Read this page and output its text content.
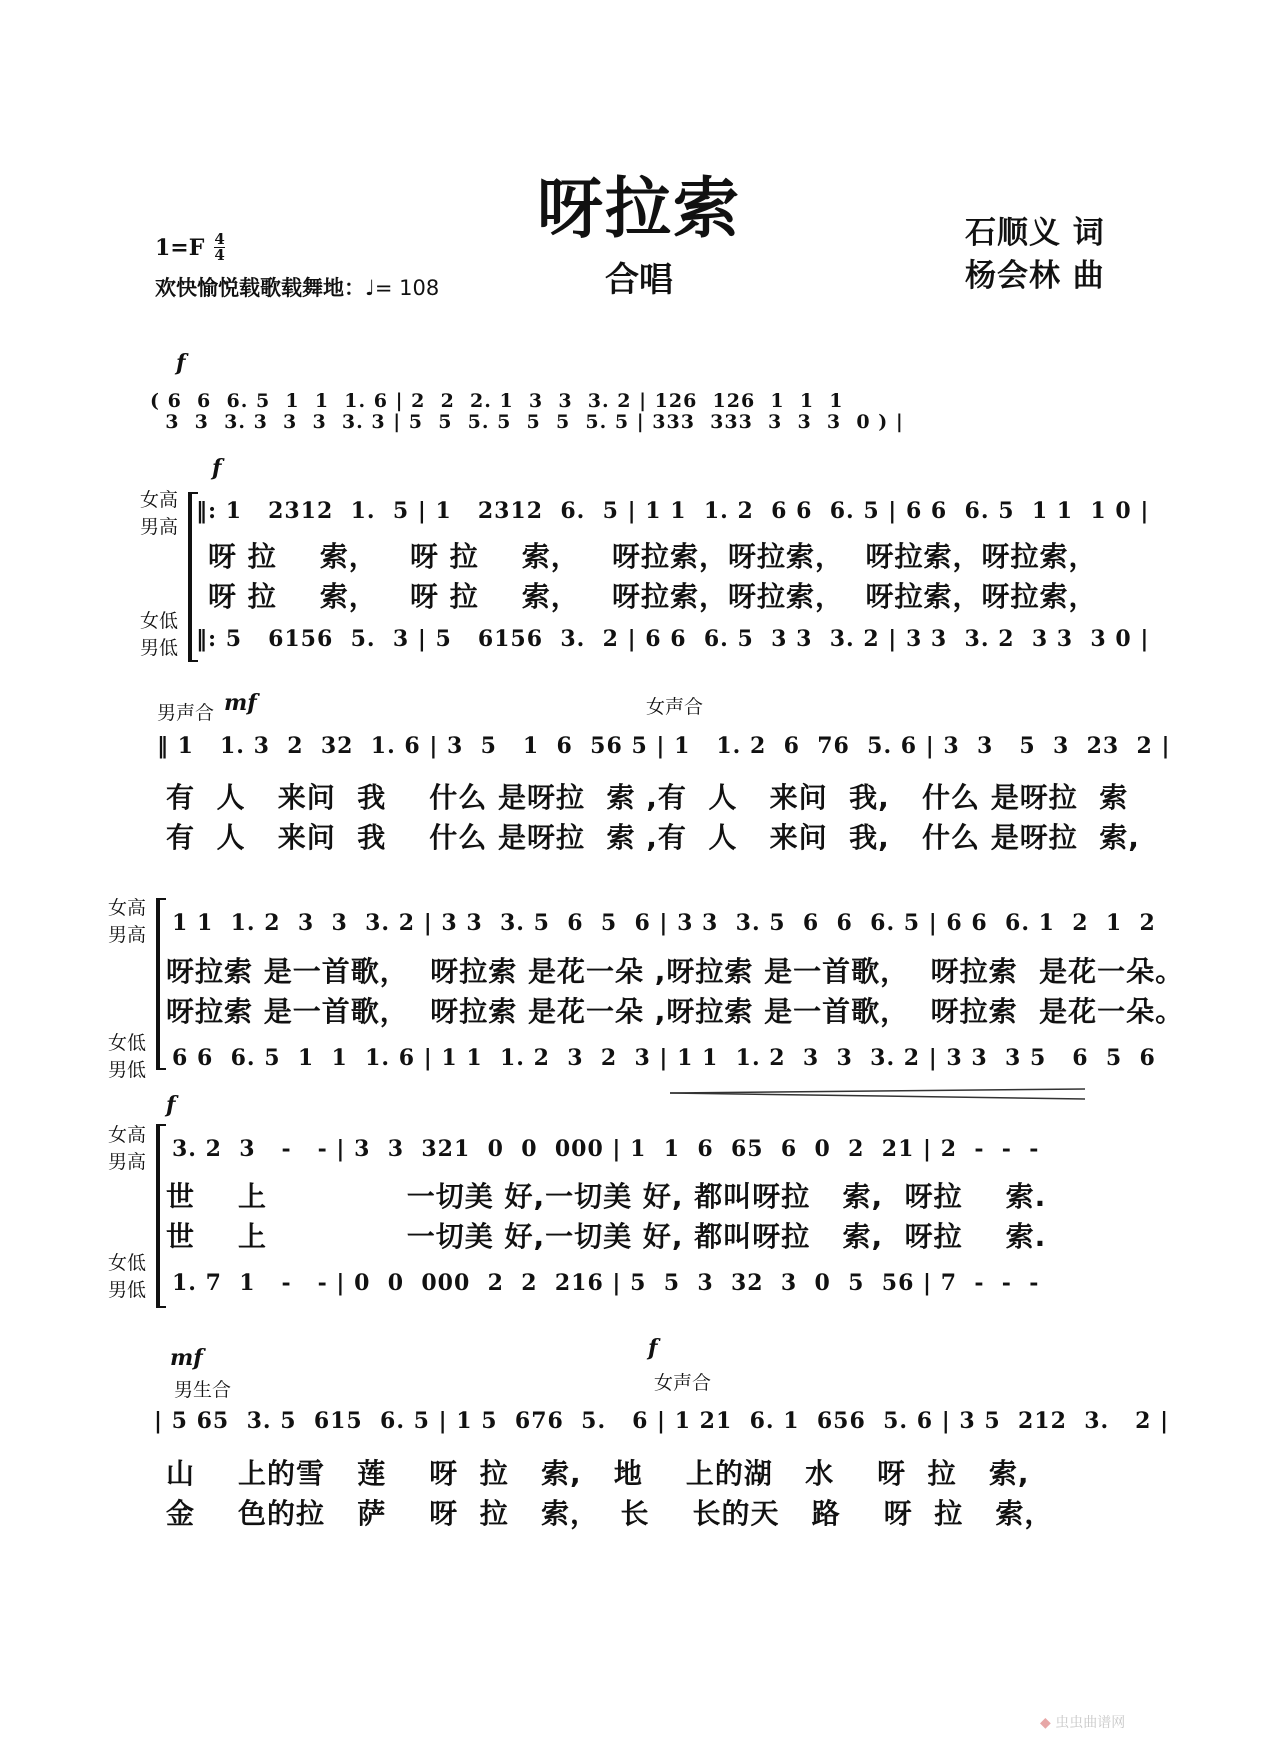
呀拉索
合唱
石顺义 词
杨会林 曲
$1=F \frac{4}{4}$
欢快愉悦载歌载舞地：♩= 108
f
( 6  6  6. 5  1  1  1. 6 | 2  2  2. 1  3  3  3. 2 | 126  126  1  1  1
3  3  3. 3  3  3  3. 3 | 5  5  5. 5  5  5  5. 5 | 333  333  3  3  3  0 ) |
f
女高
男高
女低
男低
‖: 1   2312  1.  5 | 1   2312  6.  5 | 1 1  1. 2  6 6  6. 5 | 6 6  6. 5  1 1  1 0 |
呀 拉    索，   呀 拉    索，   呀拉索，呀拉索，  呀拉索，呀拉索，
呀 拉    索，   呀 拉    索，   呀拉索，呀拉索，  呀拉索，呀拉索，
‖: 5   6156  5.  3 | 5   6156  3.  2 | 6 6  6. 5  3 3  3. 2 | 3 3  3. 2  3 3  3 0 |
男声合 mf	女声合
‖ 1   1. 3  2  32  1. 6 | 3  5   1  6  56 5 | 1   1. 2  6  76  5. 6 | 3  3   5  3  23  2 |
有  人   来问  我    什么 是呀拉  索 ,有  人   来问  我,   什么 是呀拉  索
有  人   来问  我    什么 是呀拉  索 ,有  人   来问  我,   什么 是呀拉  索,
女高
男高
女低
男低
1 1  1. 2  3  3  3. 2 | 3 3  3. 5  6  5  6 | 3 3  3. 5  6  6  6. 5 | 6 6  6. 1  2  1  2
呀拉索 是一首歌，  呀拉索 是花一朵 ,呀拉索 是一首歌，  呀拉索  是花一朵。
呀拉索 是一首歌，  呀拉索 是花一朵 ,呀拉索 是一首歌，  呀拉索  是花一朵。
6 6  6. 5  1  1  1. 6 | 1 1  1. 2  3  2  3 | 1 1  1. 2  3  3  3. 2 | 3 3  3 5   6  5  6
f
女高
男高
女低
男低
3. 2  3   -   - | 3  3  321  0  0  000 | 1  1  6  65  6  0  2  21 | 2  -  -  -
世    上             一切美 好,一切美 好, 都叫呀拉   索,  呀拉    索.
世    上             一切美 好,一切美 好, 都叫呀拉   索,  呀拉    索.
1. 7  1   -   - | 0  0  000  2  2  216 | 5  5  3  32  3  0  5  56 | 7  -  -  -
mf
男生合
f
女声合
| 5 65  3. 5  615  6. 5 | 1 5  676  5.   6 | 1 21  6. 1  656  5. 6 | 3 5  212  3.   2 |
山    上的雪   莲    呀  拉   索,   地    上的湖   水    呀  拉   索,
金    色的拉   萨    呀  拉   索，  长    长的天   路    呀  拉   索，
◆ 虫虫曲谱网
